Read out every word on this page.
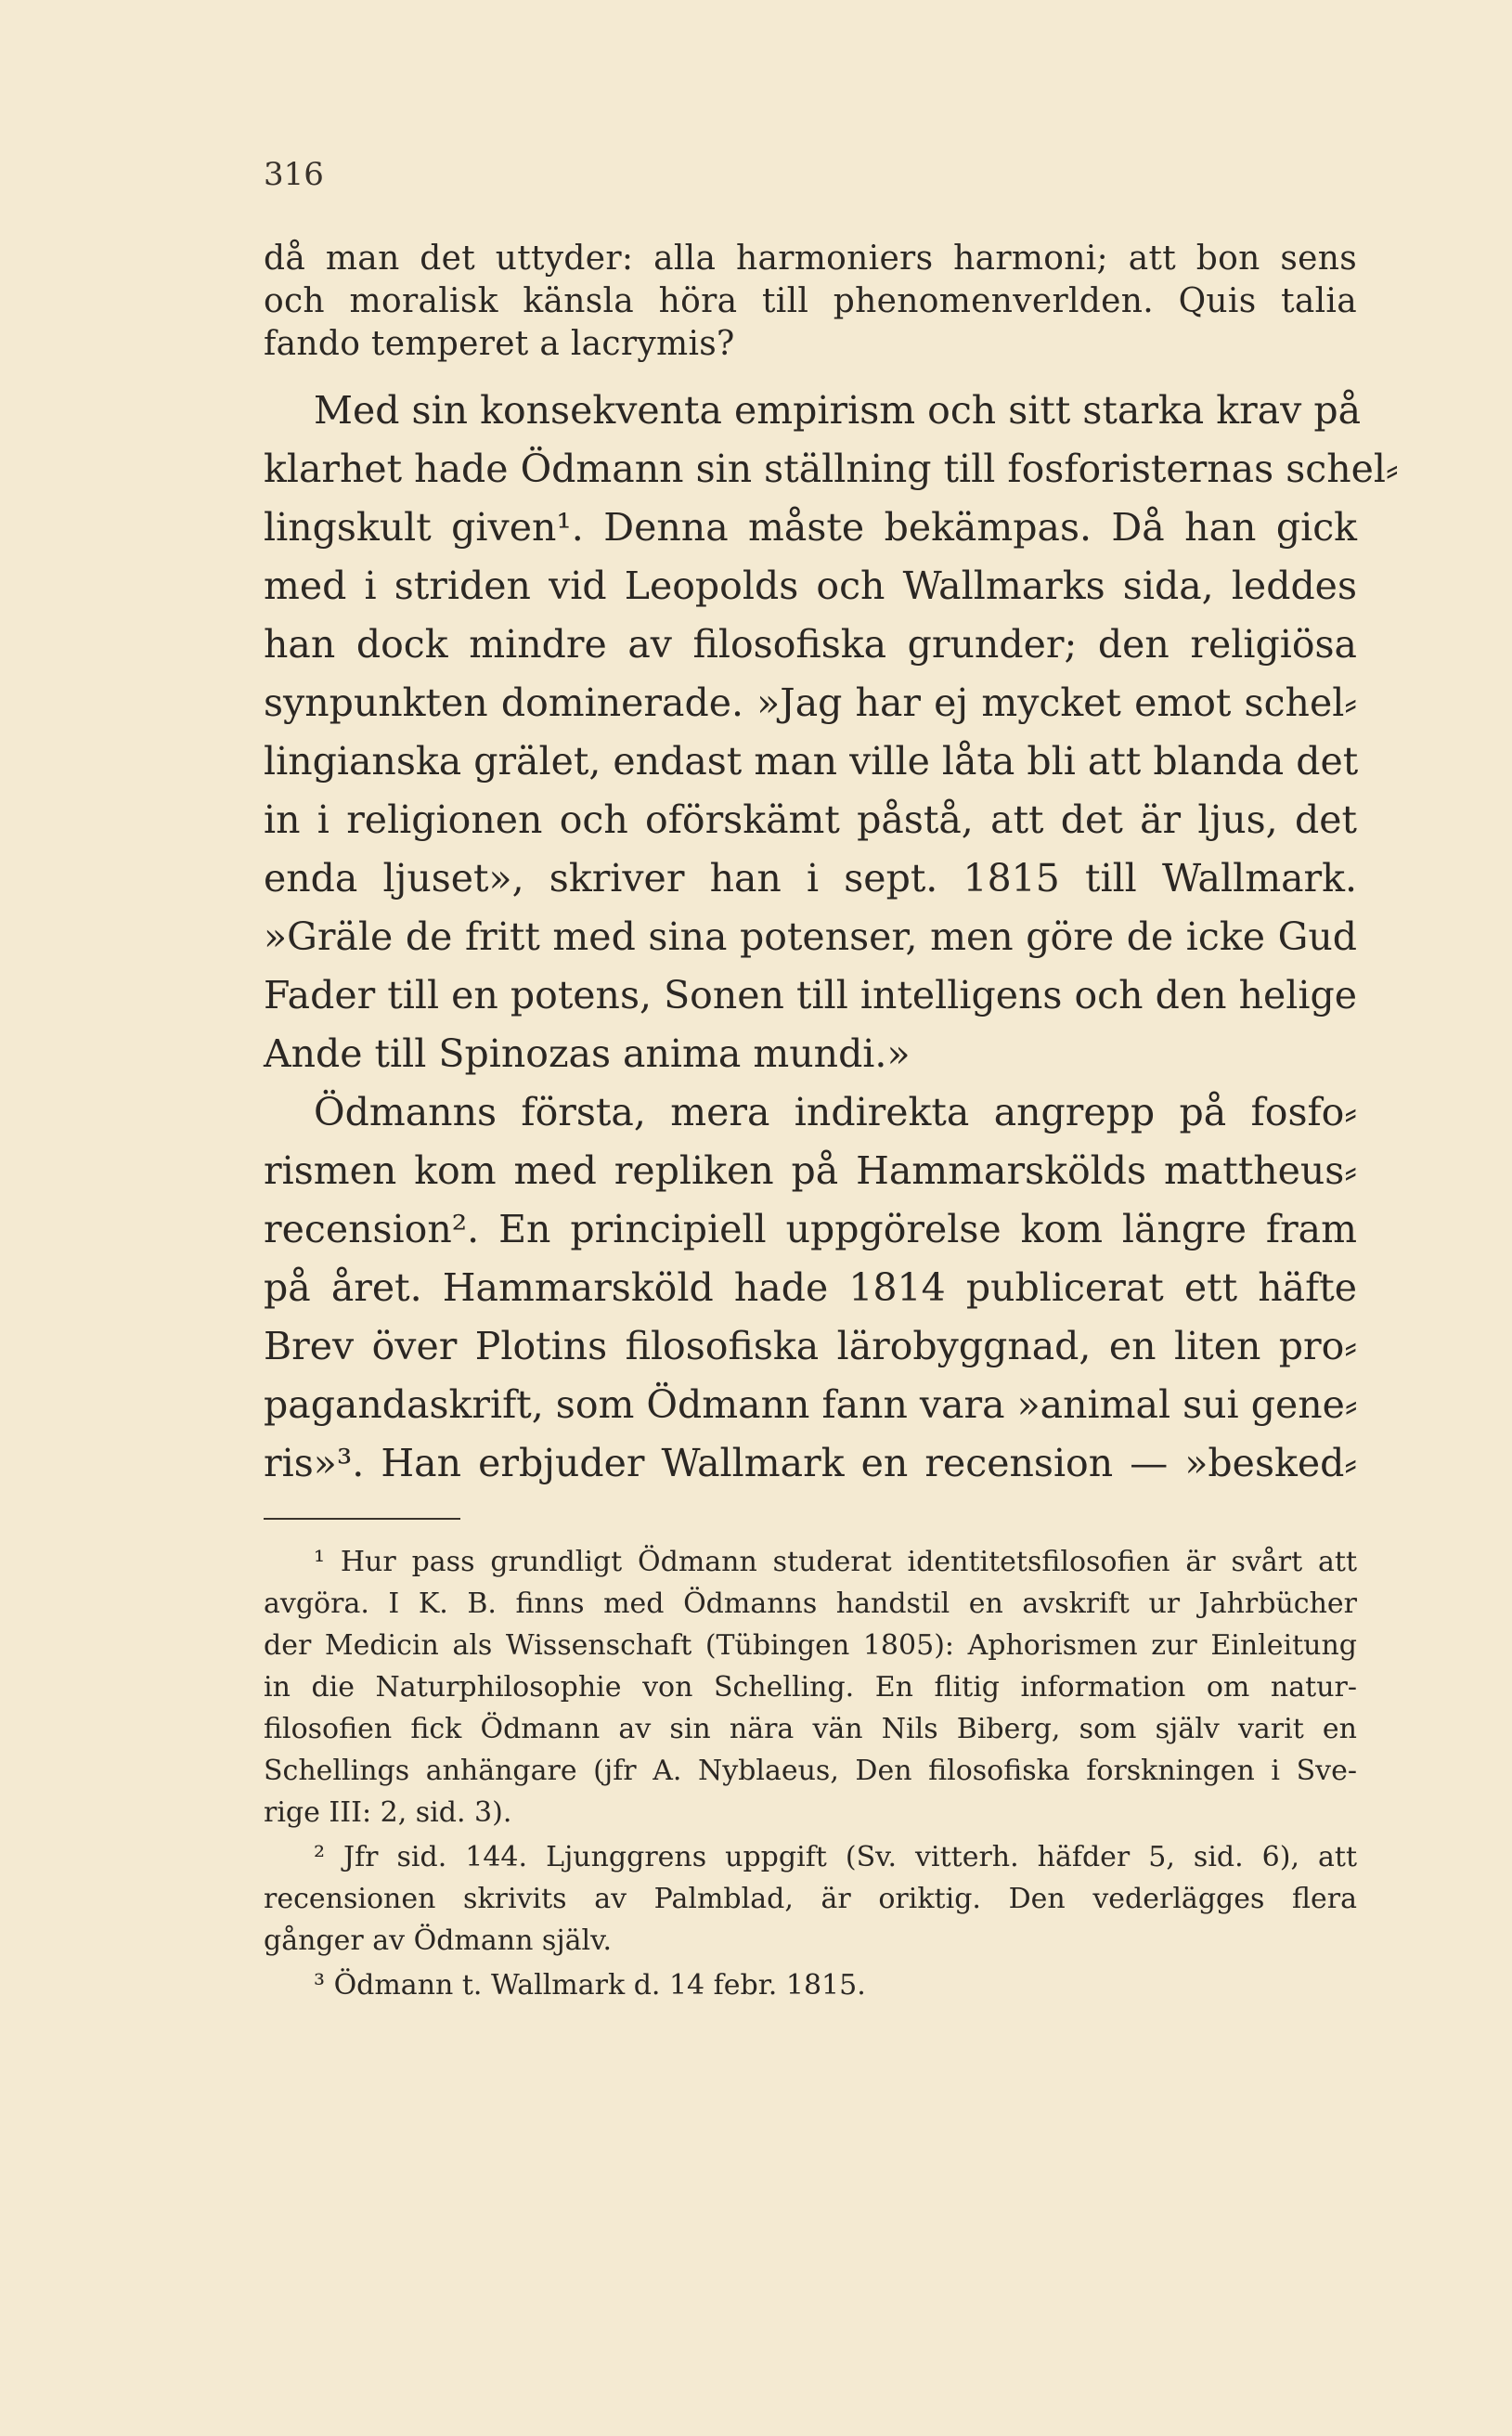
316
då man det uttyder: alla harmoniers harmoni; att bon sens
och moralisk känsla höra till phenomenverlden. Quis talia
fando temperet a lacrymis?
Med sin konsekventa empirism och sitt starka krav på
klarhet hade Ödmann sin ställning till fosforisternas schel⸗
lingskult given¹. Denna måste bekämpas. Då han gick
med i striden vid Leopolds och Wallmarks sida, leddes
han dock mindre av filosofiska grunder; den religiösa
synpunkten dominerade. »Jag har ej mycket emot schel⸗
lingianska grälet, endast man ville låta bli att blanda det
in i religionen och oförskämt påstå, att det är ljus, det
enda ljuset», skriver han i sept. 1815 till Wallmark.
»Gräle de fritt med sina potenser, men göre de icke Gud
Fader till en potens, Sonen till intelligens och den helige
Ande till Spinozas anima mundi.»
Ödmanns första, mera indirekta angrepp på fosfo⸗
rismen kom med repliken på Hammarskölds mattheus⸗
recension². En principiell uppgörelse kom längre fram
på året. Hammarsköld hade 1814 publicerat ett häfte
Brev över Plotins filosofiska lärobyggnad, en liten pro⸗
pagandaskrift, som Ödmann fann vara »animal sui gene⸗
ris»³. Han erbjuder Wallmark en recension — »besked⸗
¹ Hur pass grundligt Ödmann studerat identitetsfilosofien är svårt att
avgöra. I K. B. finns med Ödmanns handstil en avskrift ur Jahrbücher
der Medicin als Wissenschaft (Tübingen 1805): Aphorismen zur Einleitung
in die Naturphilosophie von Schelling. En flitig information om natur-
filosofien fick Ödmann av sin nära vän Nils Biberg, som själv varit en
Schellings anhängare (jfr A. Nyblaeus, Den filosofiska forskningen i Sve-
rige III: 2, sid. 3).
² Jfr sid. 144. Ljunggrens uppgift (Sv. vitterh. häfder 5, sid. 6), att
recensionen skrivits av Palmblad, är oriktig. Den vederlägges flera
gånger av Ödmann själv.
³ Ödmann t. Wallmark d. 14 febr. 1815.
